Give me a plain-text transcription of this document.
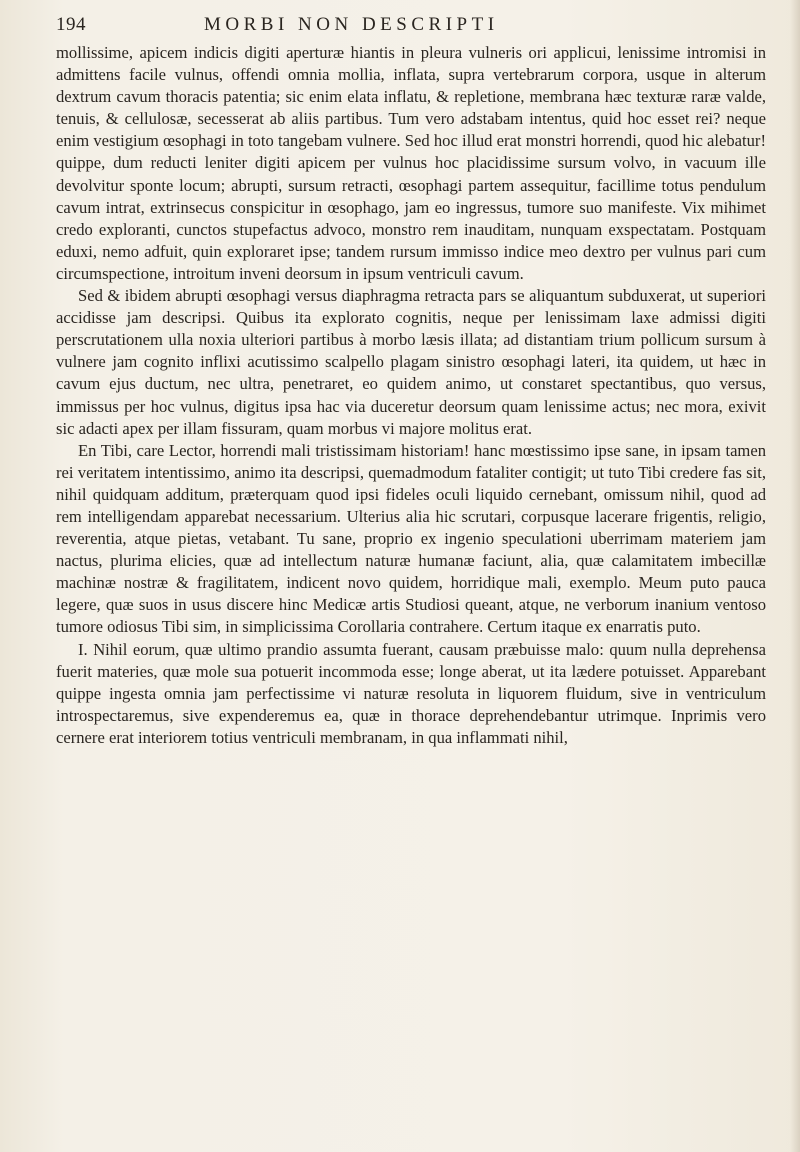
194	MORBI NON DESCRIPTI

mollissime, apicem indicis digiti aperturæ hiantis in pleura vulneris ori applicui, lenissime intromisi in admittens facile vulnus, offendi omnia mollia, inflata, supra vertebrarum corpora, usque in alterum dextrum cavum thoracis patentia; sic enim elata inflatu, & repletione, membrana hæc texturæ raræ valde, tenuis, & cellulosæ, secesserat ab aliis partibus. Tum vero adstabam intentus, quid hoc esset rei? neque enim vestigium œsophagi in toto tangebam vulnere. Sed hoc illud erat monstri horrendi, quod hic alebatur! quippe, dum reducti leniter digiti apicem per vulnus hoc placidissime sursum volvo, in vacuum ille devolvitur sponte locum; abrupti, sursum retracti, œsophagi partem assequitur, facillime totus pendulum cavum intrat, extrinsecus conspicitur in œsophago, jam eo ingressus, tumore suo manifeste. Vix mihimet credo exploranti, cunctos stupefactus advoco, monstro rem inauditam, nunquam exspectatam. Postquam eduxi, nemo adfuit, quin exploraret ipse; tandem rursum immisso indice meo dextro per vulnus pari cum circumspectione, introitum inveni deorsum in ipsum ventriculi cavum.

Sed & ibidem abrupti œsophagi versus diaphragma retracta pars se aliquantum subduxerat, ut superiori accidisse jam descripsi. Quibus ita explorato cognitis, neque per lenissimam laxe admissi digiti perscrutationem ulla noxia ulteriori partibus à morbo læsis illata; ad distantiam trium pollicum sursum à vulnere jam cognito inflixi acutissimo scalpello plagam sinistro œsophagi lateri, ita quidem, ut hæc in cavum ejus ductum, nec ultra, penetraret, eo quidem animo, ut constaret spectantibus, quo versus, immissus per hoc vulnus, digitus ipsa hac via duceretur deorsum quam lenissime actus; nec mora, exivit sic adacti apex per illam fissuram, quam morbus vi majore molitus erat.

En Tibi, care Lector, horrendi mali tristissimam historiam! hanc mœstissimo ipse sane, in ipsam tamen rei veritatem intentissimo, animo ita descripsi, quemadmodum fataliter contigit; ut tuto Tibi credere fas sit, nihil quidquam additum, præterquam quod ipsi fideles oculi liquido cernebant, omissum nihil, quod ad rem intelligendam apparebat necessarium. Ulterius alia hic scrutari, corpusque lacerare frigentis, religio, reverentia, atque pietas, vetabant. Tu sane, proprio ex ingenio speculationi uberrimam materiem jam nactus, plurima elicies, quæ ad intellectum naturæ humanæ faciunt, alia, quæ calamitatem imbecillæ machinæ nostræ & fragilitatem, indicent novo quidem, horridique mali, exemplo. Meum puto pauca legere, quæ suos in usus discere hinc Medicæ artis Studiosi queant, atque, ne verborum inanium ventoso tumore odiosus Tibi sim, in simplicissima Corollaria contrahere. Certum itaque ex enarratis puto.

I. Nihil eorum, quæ ultimo prandio assumta fuerant, causam præbuisse malo: quum nulla deprehensa fuerit materies, quæ mole sua potuerit incommoda esse; longe aberat, ut ita lædere potuisset. Apparebant quippe ingesta omnia jam perfectissime vi naturæ resoluta in liquorem fluidum, sive in ventriculum introspectaremus, sive expenderemus ea, quæ in thorace deprehendebantur utrimque. Inprimis vero cernere erat interiorem totius ventriculi membranam, in qua inflammati nihil,
